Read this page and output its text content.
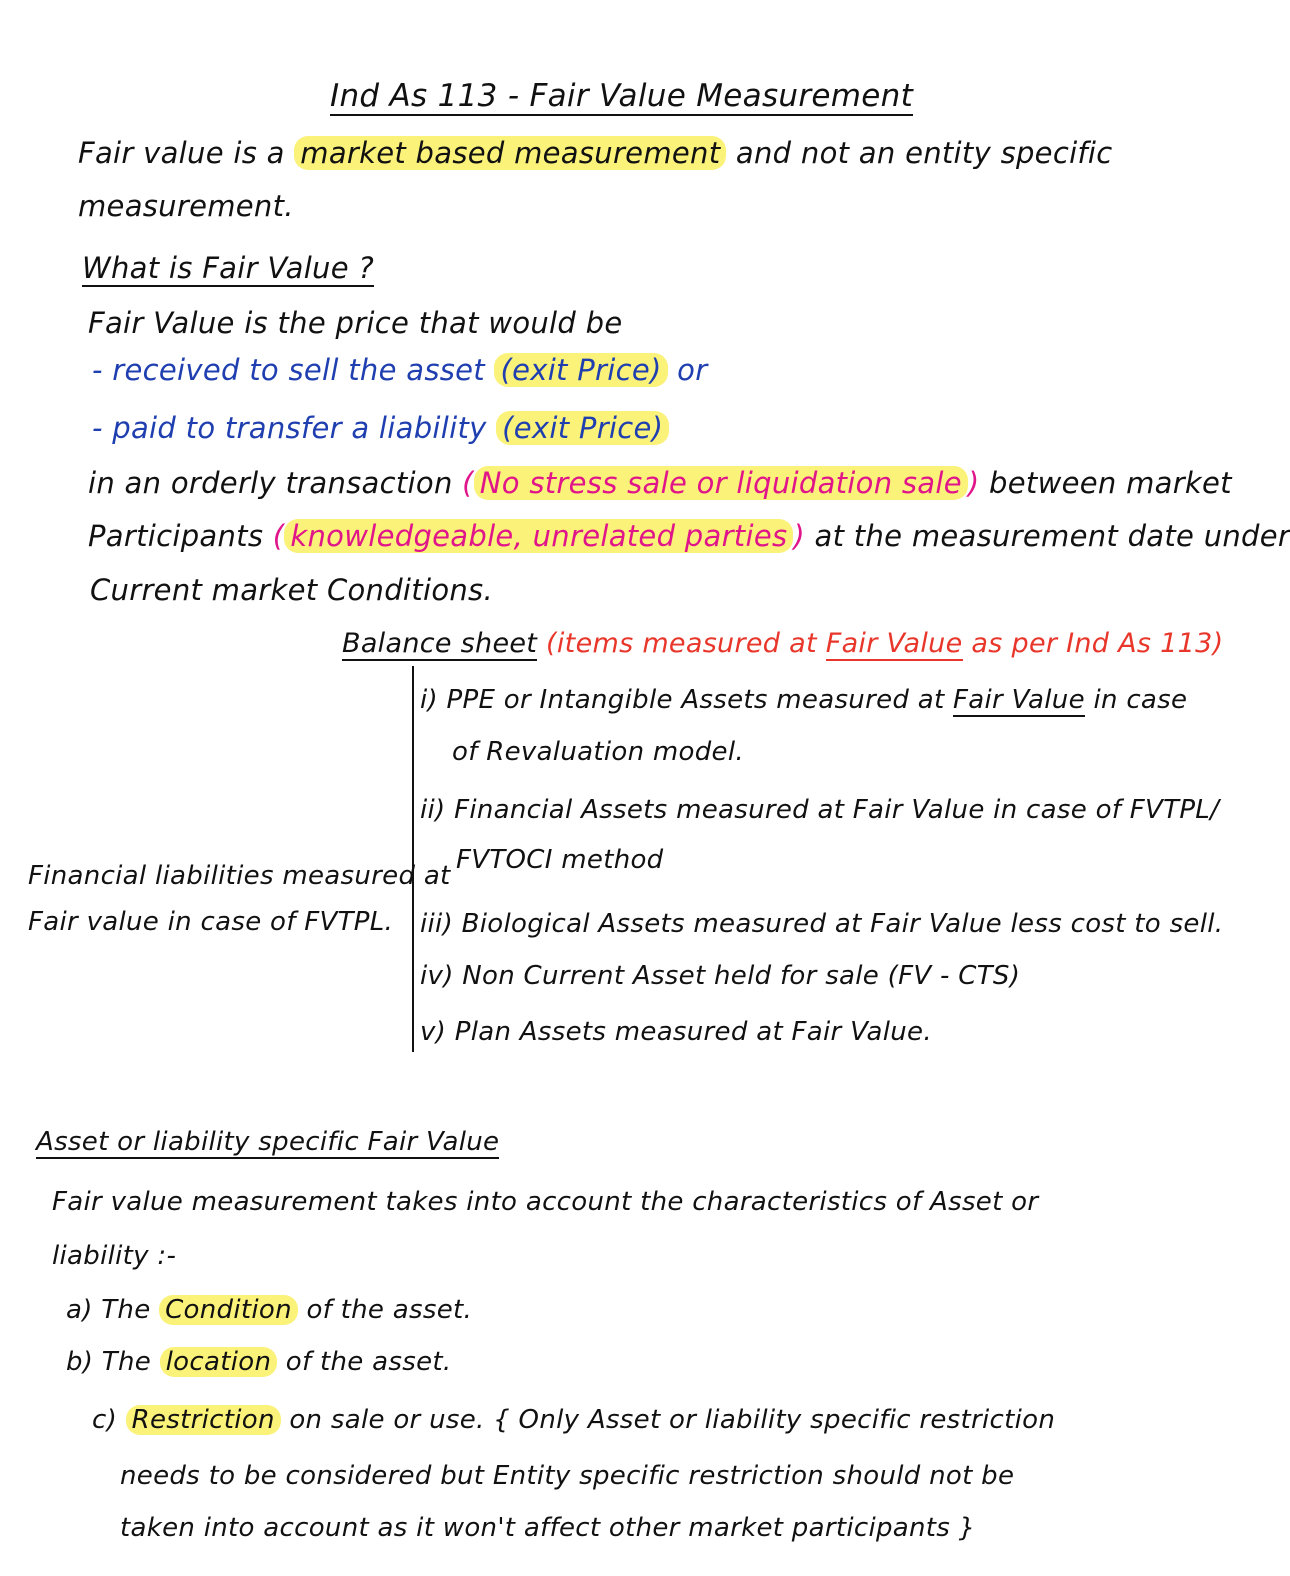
Ind As 113 - Fair Value Measurement
Fair value is a market based measurement and not an entity specific
measurement.
What is Fair Value ?
Fair Value is the price that would be
- received to sell the asset (exit Price) or
- paid to transfer a liability (exit Price)
in an orderly transaction ( No stress sale or liquidation sale ) between market
Participants ( knowledgeable, unrelated parties ) at the measurement date under
Current market Conditions.
Balance sheet (items measured at Fair Value as per Ind As 113)
i) PPE or Intangible Assets measured at Fair Value in case
of Revaluation model.
ii) Financial Assets measured at Fair Value in case of FVTPL/
FVTOCI method
iii) Biological Assets measured at Fair Value less cost to sell.
iv) Non Current Asset held for sale (FV - CTS)
v) Plan Assets measured at Fair Value.
Financial liabilities measured at
Fair value in case of FVTPL.
Asset or liability specific Fair Value
Fair value measurement takes into account the characteristics of Asset or
liability :-
a) The Condition of the asset.
b) The location of the asset.
c) Restriction on sale or use. { Only Asset or liability specific restriction
needs to be considered but Entity specific restriction should not be
taken into account as it won't affect other market participants }
